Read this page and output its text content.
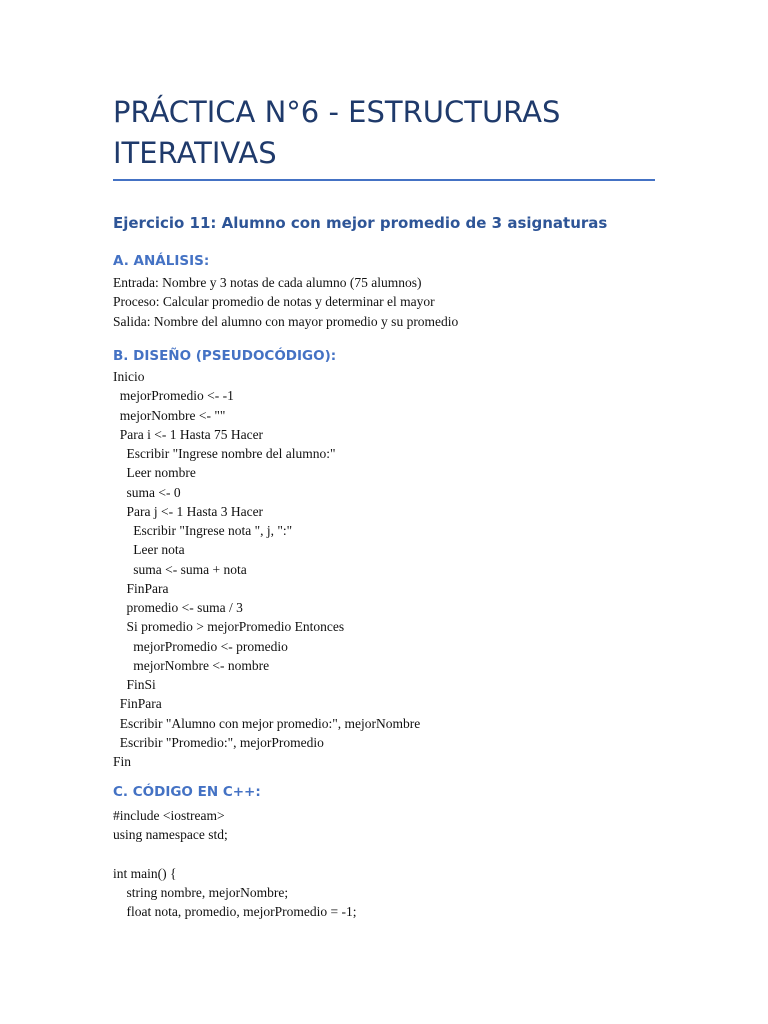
PRÁCTICA N°6 - ESTRUCTURAS ITERATIVAS
Ejercicio 11: Alumno con mejor promedio de 3 asignaturas
A. ANÁLISIS:
Entrada: Nombre y 3 notas de cada alumno (75 alumnos)
Proceso: Calcular promedio de notas y determinar el mayor
Salida: Nombre del alumno con mayor promedio y su promedio
B. DISEÑO (PSEUDOCÓDIGO):
Inicio
mejorPromedio <- -1
mejorNombre <- ""
Para i <- 1 Hasta 75 Hacer
Escribir "Ingrese nombre del alumno:"
Leer nombre
suma <- 0
Para j <- 1 Hasta 3 Hacer
Escribir "Ingrese nota ", j, ":"
Leer nota
suma <- suma + nota
FinPara
promedio <- suma / 3
Si promedio > mejorPromedio Entonces
mejorPromedio <- promedio
mejorNombre <- nombre
FinSi
FinPara
Escribir "Alumno con mejor promedio:", mejorNombre
Escribir "Promedio:", mejorPromedio
Fin
C. CÓDIGO EN C++:
#include <iostream>
using namespace std;
int main() {
string nombre, mejorNombre;
float nota, promedio, mejorPromedio = -1;
